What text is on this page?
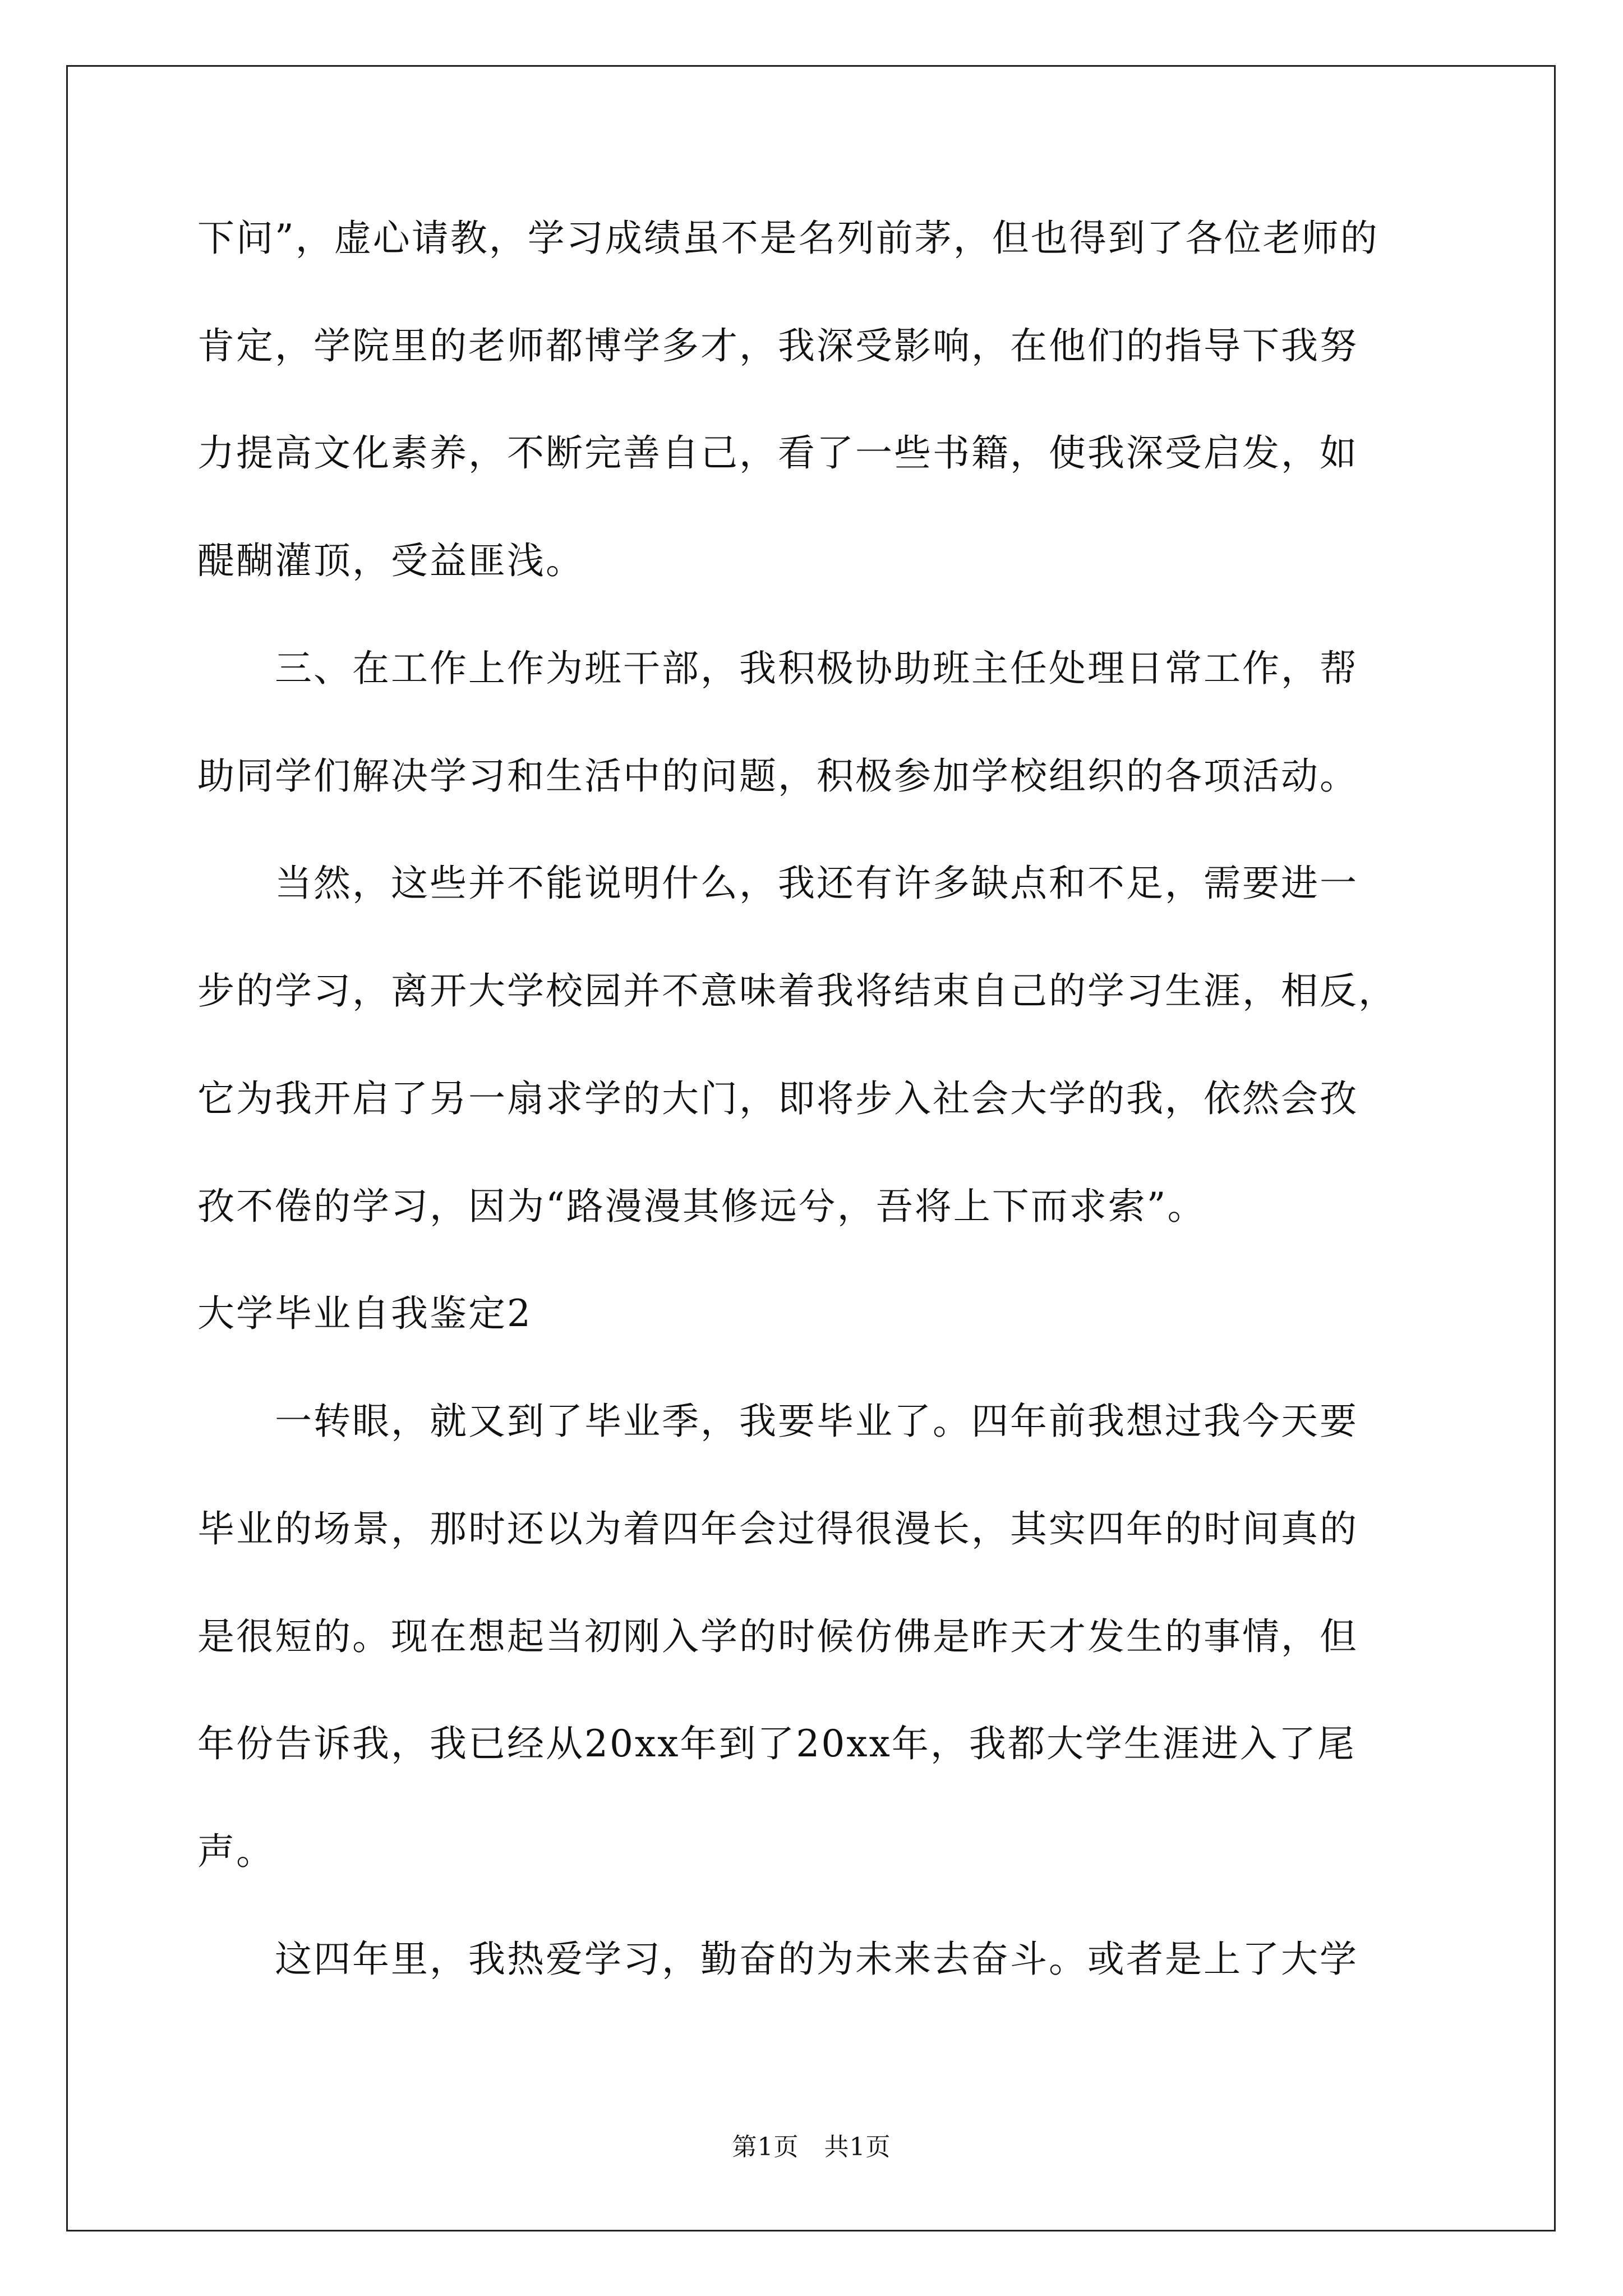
下问”，虚心请教，学习成绩虽不是名列前茅，但也得到了各位老师的
肯定，学院里的老师都博学多才，我深受影响，在他们的指导下我努
力提高文化素养，不断完善自己，看了一些书籍，使我深受启发，如
醍醐灌顶，受益匪浅。
　　三、在工作上作为班干部，我积极协助班主任处理日常工作，帮
助同学们解决学习和生活中的问题，积极参加学校组织的各项活动。
　　当然，这些并不能说明什么，我还有许多缺点和不足，需要进一
步的学习，离开大学校园并不意味着我将结束自己的学习生涯，相反，
它为我开启了另一扇求学的大门，即将步入社会大学的我，依然会孜
孜不倦的学习，因为“路漫漫其修远兮，吾将上下而求索”。
大学毕业自我鉴定2
　　一转眼，就又到了毕业季，我要毕业了。四年前我想过我今天要
毕业的场景，那时还以为着四年会过得很漫长，其实四年的时间真的
是很短的。现在想起当初刚入学的时候仿佛是昨天才发生的事情，但
年份告诉我，我已经从20xx年到了20xx年，我都大学生涯进入了尾
声。
　　这四年里，我热爱学习，勤奋的为未来去奋斗。或者是上了大学
第1页　共1页
